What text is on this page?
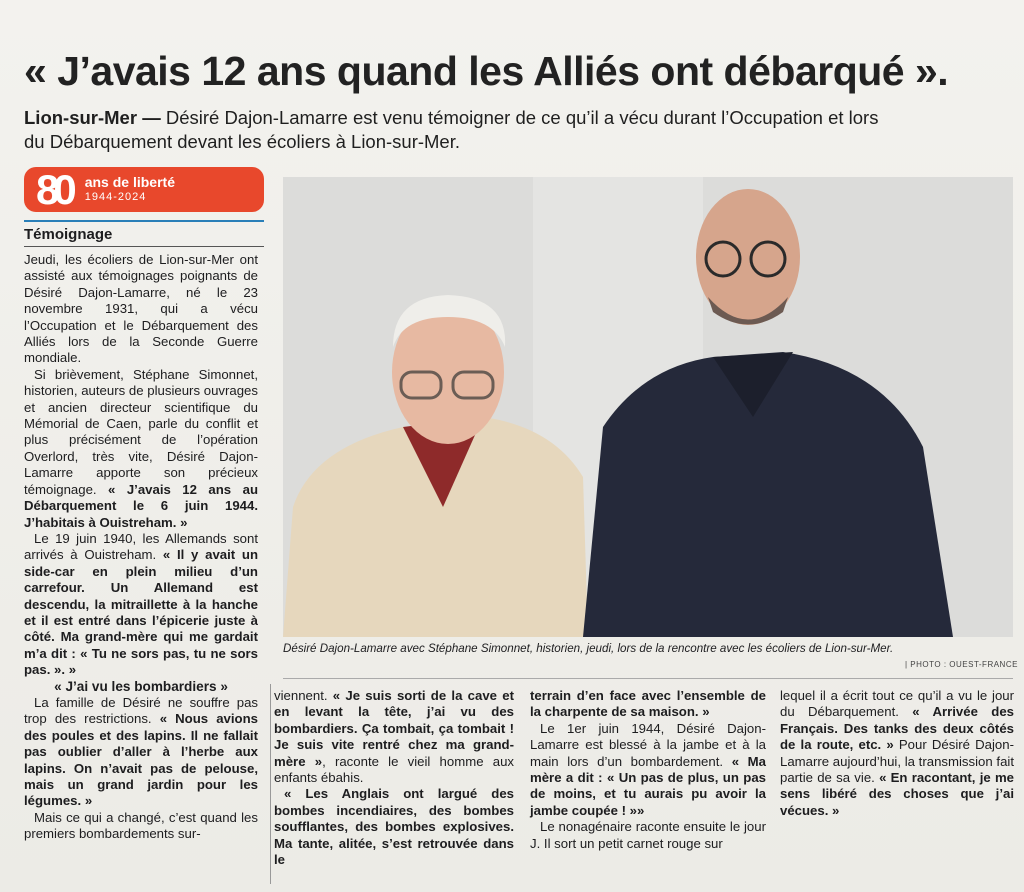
« J’avais 12 ans quand les Alliés ont débarqué ».
Lion-sur-Mer — Désiré Dajon-Lamarre est venu témoigner de ce qu’il a vécu durant l’Occupation et lors du Débarquement devant les écoliers à Lion-sur-Mer.
80 ans de liberté
1944-2024
Témoignage

Jeudi, les écoliers de Lion-sur-Mer ont assisté aux témoignages poignants de Désiré Dajon-Lamarre, né le 23 novembre 1931, qui a vécu l’Occupation et le Débarquement des Alliés lors de la Seconde Guerre mondiale.

Si brièvement, Stéphane Simonnet, historien, auteurs de plusieurs ouvrages et ancien directeur scientifique du Mémorial de Caen, parle du conflit et plus précisément de l’opération Overlord, très vite, Désiré Dajon-Lamarre apporte son précieux témoignage. « J’avais 12 ans au Débarquement le 6 juin 1944. J’habitais à Ouistreham. »

Le 19 juin 1940, les Allemands sont arrivés à Ouistreham. « Il y avait un side-car en plein milieu d’un carrefour. Un Allemand est descendu, la mitraillette à la hanche et il est entré dans l’épicerie juste à côté. Ma grand-mère qui me gardait m’a dit : « Tu ne sors pas, tu ne sors pas. ». »

« J’ai vu les bombardiers »

La famille de Désiré ne souffre pas trop des restrictions. « Nous avions des poules et des lapins. Il ne fallait pas oublier d’aller à l’herbe aux lapins. On n’avait pas de pelouse, mais un grand jardin pour les légumes. »

Mais ce qui a changé, c’est quand les premiers bombardements sur-

Désiré Dajon-Lamarre avec Stéphane Simonnet, historien, jeudi, lors de la rencontre avec les écoliers de Lion-sur-Mer.
| PHOTO : OUEST-FRANCE

viennent. « Je suis sorti de la cave et en levant la tête, j’ai vu des bombardiers. Ça tombait, ça tombait ! Je suis vite rentré chez ma grand-mère », raconte le vieil homme aux enfants ébahis.

« Les Anglais ont largué des bombes incendiaires, des bombes soufflantes, des bombes explosives. Ma tante, alitée, s’est retrouvée dans le

terrain d’en face avec l’ensemble de la charpente de sa maison. »

Le 1er juin 1944, Désiré Dajon-Lamarre est blessé à la jambe et à la main lors d’un bombardement. « Ma mère a dit : « Un pas de plus, un pas de moins, et tu aurais pu avoir la jambe coupée ! »»

Le nonagénaire raconte ensuite le jour J. Il sort un petit carnet rouge sur

lequel il a écrit tout ce qu’il a vu le jour du Débarquement. « Arrivée des Français. Des tanks des deux côtés de la route, etc. » Pour Désiré Dajon-Lamarre aujourd’hui, la transmission fait partie de sa vie. « En racontant, je me sens libéré des choses que j’ai vécues. »
